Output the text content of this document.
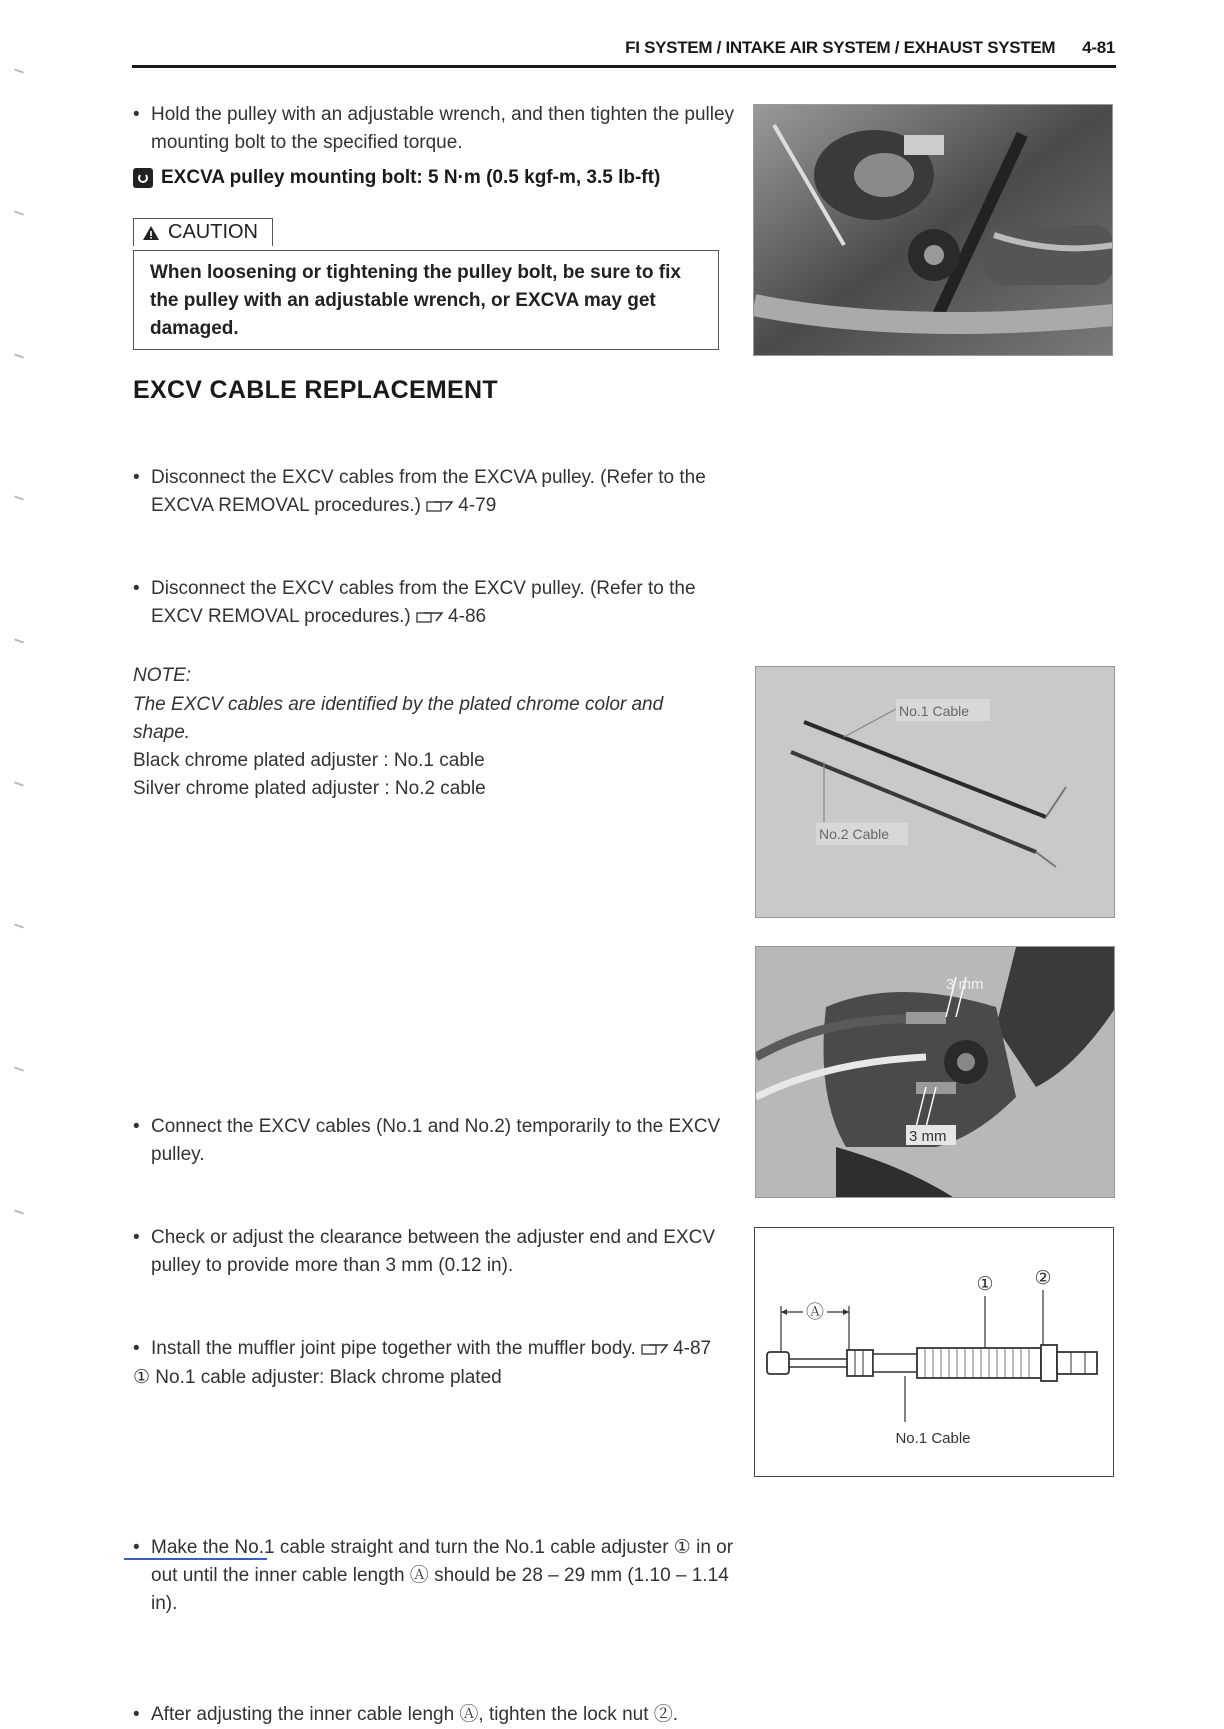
FI SYSTEM / INTAKE AIR SYSTEM / EXHAUST SYSTEM 4-81
• Hold the pulley with an adjustable wrench, and then tighten the pulley mounting bolt to the specified torque.
EXCVA pulley mounting bolt: 5 N·m (0.5 kgf-m, 3.5 lb-ft)
CAUTION
When loosening or tightening the pulley bolt, be sure to fix the pulley with an adjustable wrench, or EXCVA may get damaged.
EXCV CABLE REPLACEMENT
• Disconnect the EXCV cables from the EXCVA pulley. (Refer to the EXCVA REMOVAL procedures.) 4-79
• Disconnect the EXCV cables from the EXCV pulley. (Refer to the EXCV REMOVAL procedures.) 4-86
NOTE:
The EXCV cables are identified by the plated chrome color and shape.
Black chrome plated adjuster : No.1 cable
Silver chrome plated adjuster : No.2 cable
No.1 Cable
No.2 Cable
• Connect the EXCV cables (No.1 and No.2) temporarily to the EXCV pulley.
• Check or adjust the clearance between the adjuster end and EXCV pulley to provide more than 3 mm (0.12 in).
• Install the muffler joint pipe together with the muffler body. 4-87
3 mm
3 mm
• Make the No.1 cable straight and turn the No.1 cable adjuster ① in or out until the inner cable length Ⓐ should be 28 – 29 mm (1.10 – 1.14 in).
• After adjusting the inner cable lengh Ⓐ, tighten the lock nut ②.
① No.1 cable adjuster: Black chrome plated
Ⓐ
① ②
No.1 Cable
